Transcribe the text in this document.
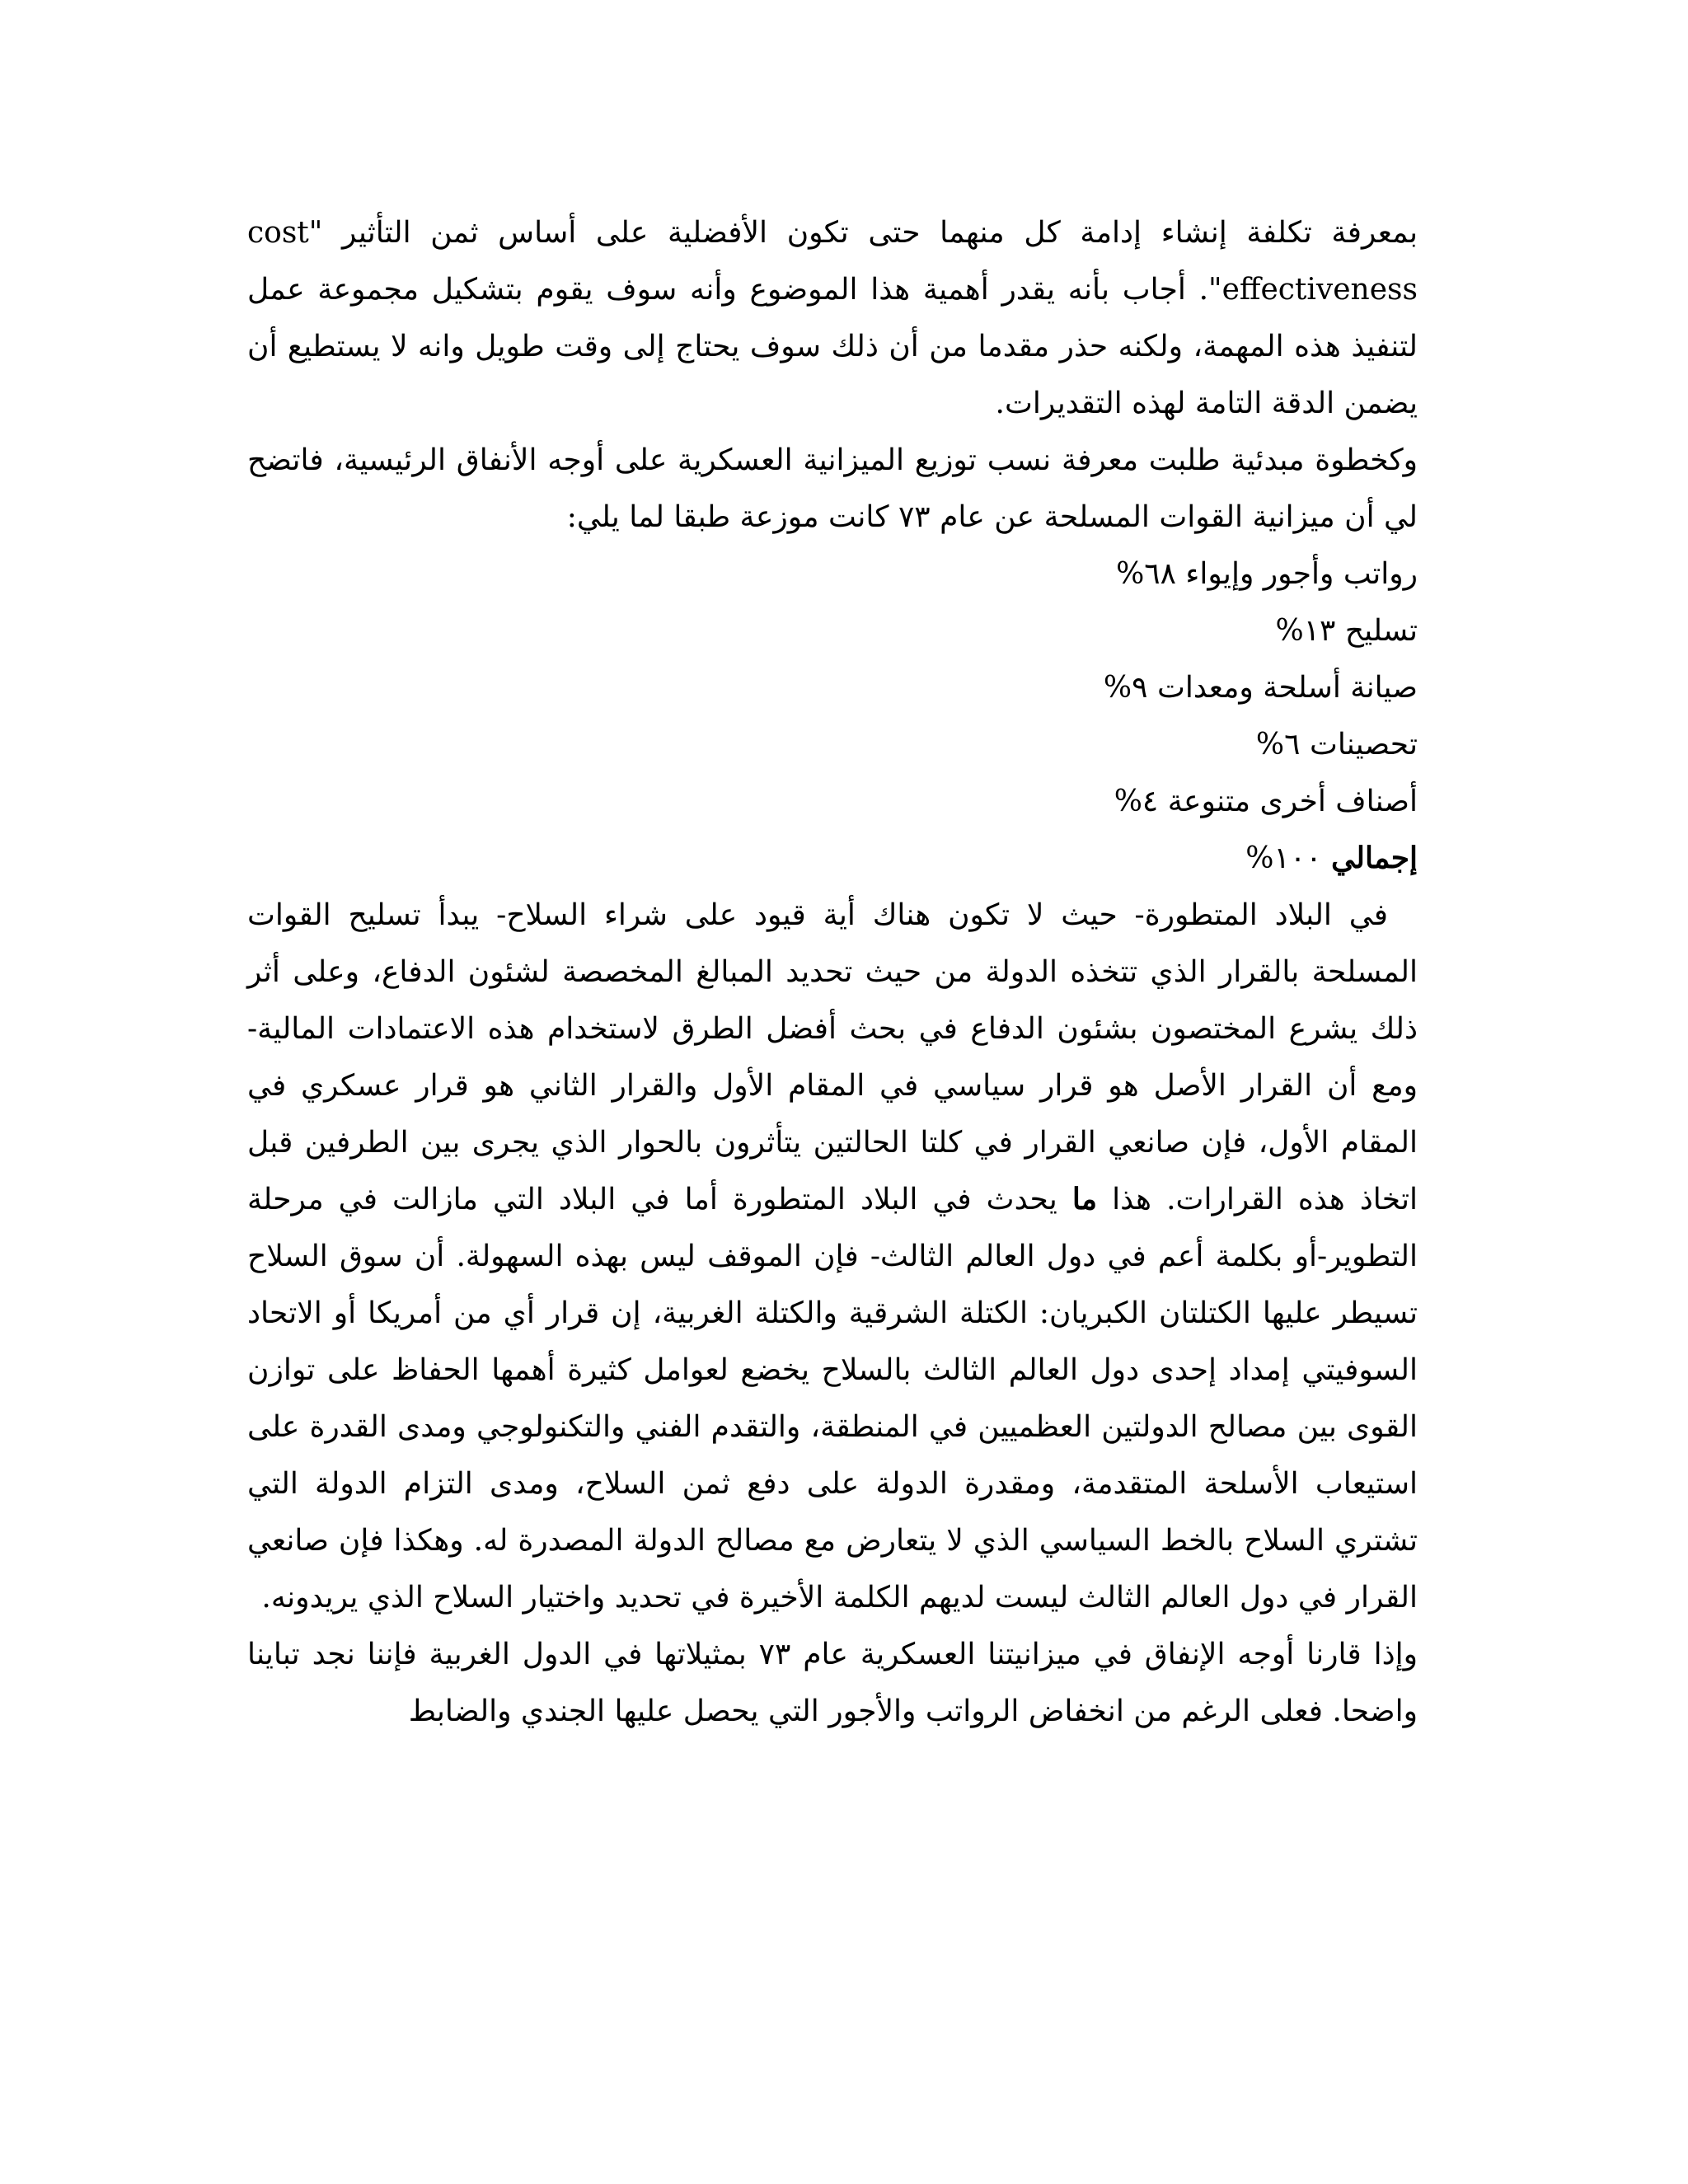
بمعرفة تكلفة إنشاء إدامة كل منهما حتى تكون الأفضلية على أساس ثمن التأثير "cost effectiveness". أجاب بأنه يقدر أهمية هذا الموضوع وأنه سوف يقوم بتشكيل مجموعة عمل لتنفيذ هذه المهمة، ولكنه حذر مقدما من أن ذلك سوف يحتاج إلى وقت طويل وانه لا يستطيع أن يضمن الدقة التامة لهذه التقديرات.

وكخطوة مبدئية طلبت معرفة نسب توزيع الميزانية العسكرية على أوجه الأنفاق الرئيسية، فاتضح لي أن ميزانية القوات المسلحة عن عام ٧٣ كانت موزعة طبقا لما يلي:

رواتب وأجور وإيواء ٦٨%

تسليح ١٣%

صيانة أسلحة ومعدات ٩%

تحصينات ٦%

أصناف أخرى متنوعة ٤%

إجمالي ١٠٠%

في البلاد المتطورة- حيث لا تكون هناك أية قيود على شراء السلاح- يبدأ تسليح القوات المسلحة بالقرار الذي تتخذه الدولة من حيث تحديد المبالغ المخصصة لشئون الدفاع، وعلى أثر ذلك يشرع المختصون بشئون الدفاع في بحث أفضل الطرق لاستخدام هذه الاعتمادات المالية- ومع أن القرار الأصل هو قرار سياسي في المقام الأول والقرار الثاني هو قرار عسكري في المقام الأول، فإن صانعي القرار في كلتا الحالتين يتأثرون بالحوار الذي يجرى بين الطرفين قبل اتخاذ هذه القرارات. هذا ما يحدث في البلاد المتطورة أما في البلاد التي مازالت في مرحلة التطوير-أو بكلمة أعم في دول العالم الثالث- فإن الموقف ليس بهذه السهولة. أن سوق السلاح تسيطر عليها الكتلتان الكبريان: الكتلة الشرقية والكتلة الغربية، إن قرار أي من أمريكا أو الاتحاد السوفيتي إمداد إحدى دول العالم الثالث بالسلاح يخضع لعوامل كثيرة أهمها الحفاظ على توازن القوى بين مصالح الدولتين العظميين في المنطقة، والتقدم الفني والتكنولوجي ومدى القدرة على استيعاب الأسلحة المتقدمة، ومقدرة الدولة على دفع ثمن السلاح، ومدى التزام الدولة التي تشتري السلاح بالخط السياسي الذي لا يتعارض مع مصالح الدولة المصدرة له. وهكذا فإن صانعي القرار في دول العالم الثالث ليست لديهم الكلمة الأخيرة في تحديد واختيار السلاح الذي يريدونه.

وإذا قارنا أوجه الإنفاق في ميزانيتنا العسكرية عام ٧٣ بمثيلاتها في الدول الغربية فإننا نجد تباينا واضحا. فعلى الرغم من انخفاض الرواتب والأجور التي يحصل عليها الجندي والضابط
